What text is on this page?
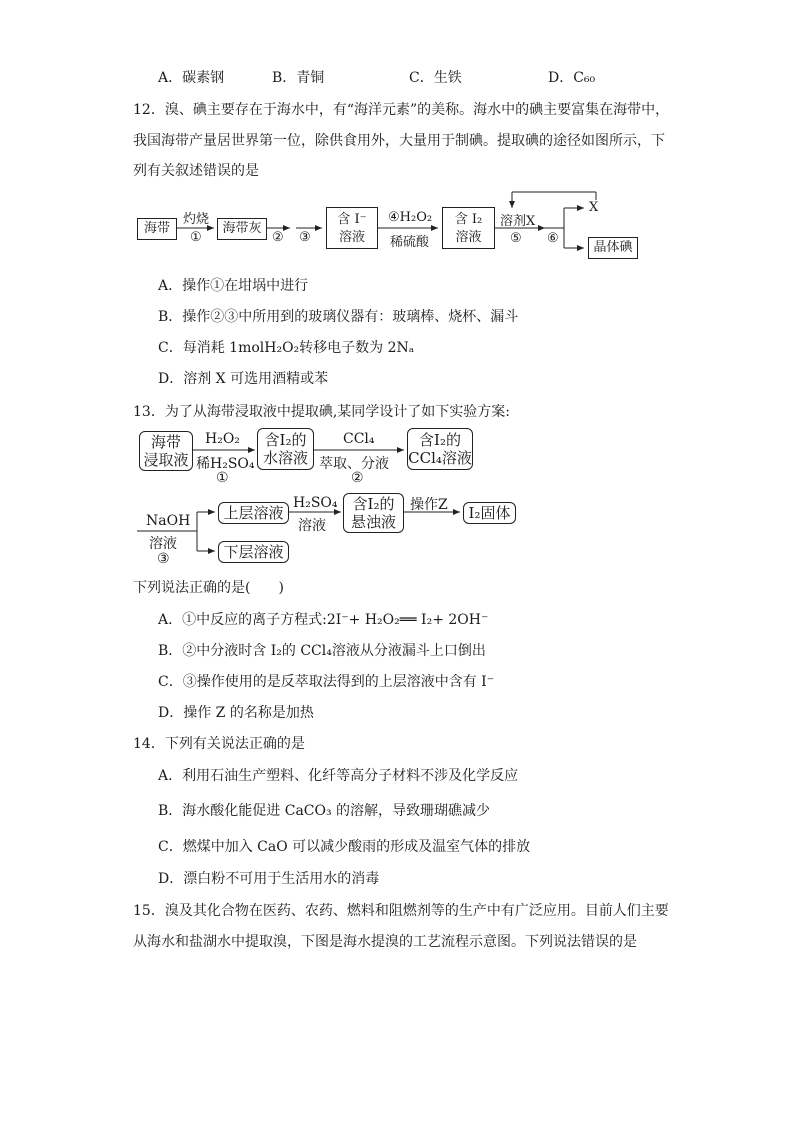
A．碳素钢	B．青铜	C．生铁	D．C₆₀
12．溴、碘主要存在于海水中，有“海洋元素”的美称。海水中的碘主要富集在海带中，
我国海带产量居世界第一位，除供食用外，大量用于制碘。提取碘的途径如图所示，下
列有关叙述错误的是
海带	海带灰
含 I⁻
溶液
含 I₂
溶液
晶体碘
X
灼烧
①	② ③
④H₂O₂
稀硫酸
溶剂X
⑤ ⑥
A．操作①在坩埚中进行
B．操作②③中所用到的玻璃仪器有：玻璃棒、烧杯、漏斗
C．每消耗 1molH₂O₂转移电子数为 2Nₐ
D．溶剂 X 可选用酒精或苯
13．为了从海带浸取液中提取碘,某同学设计了如下实验方案:
海带
浸取液
含I₂的
水溶液
含I₂的
CCl₄溶液
上层溶液	含I₂的
悬浊液	I₂固体
下层溶液
H₂O₂
稀H₂SO₄
①
CCl₄
萃取、分液
②
NaOH
溶液
③
H₂SO₄
溶液
操作Z
下列说法正确的是(　　)
A．①中反应的离子方程式:2I⁻+ H₂O₂══ I₂+ 2OH⁻
B．②中分液时含 I₂的 CCl₄溶液从分液漏斗上口倒出
C．③操作使用的是反萃取法得到的上层溶液中含有 I⁻
D．操作 Z 的名称是加热
14．下列有关说法正确的是
A．利用石油生产塑料、化纤等高分子材料不涉及化学反应
B．海水酸化能促进 CaCO₃ 的溶解，导致珊瑚礁减少
C．燃煤中加入 CaO 可以减少酸雨的形成及温室气体的排放
D．漂白粉不可用于生活用水的消毒
15．溴及其化合物在医药、农药、燃料和阻燃剂等的生产中有广泛应用。目前人们主要
从海水和盐湖水中提取溴，下图是海水提溴的工艺流程示意图。下列说法错误的是
